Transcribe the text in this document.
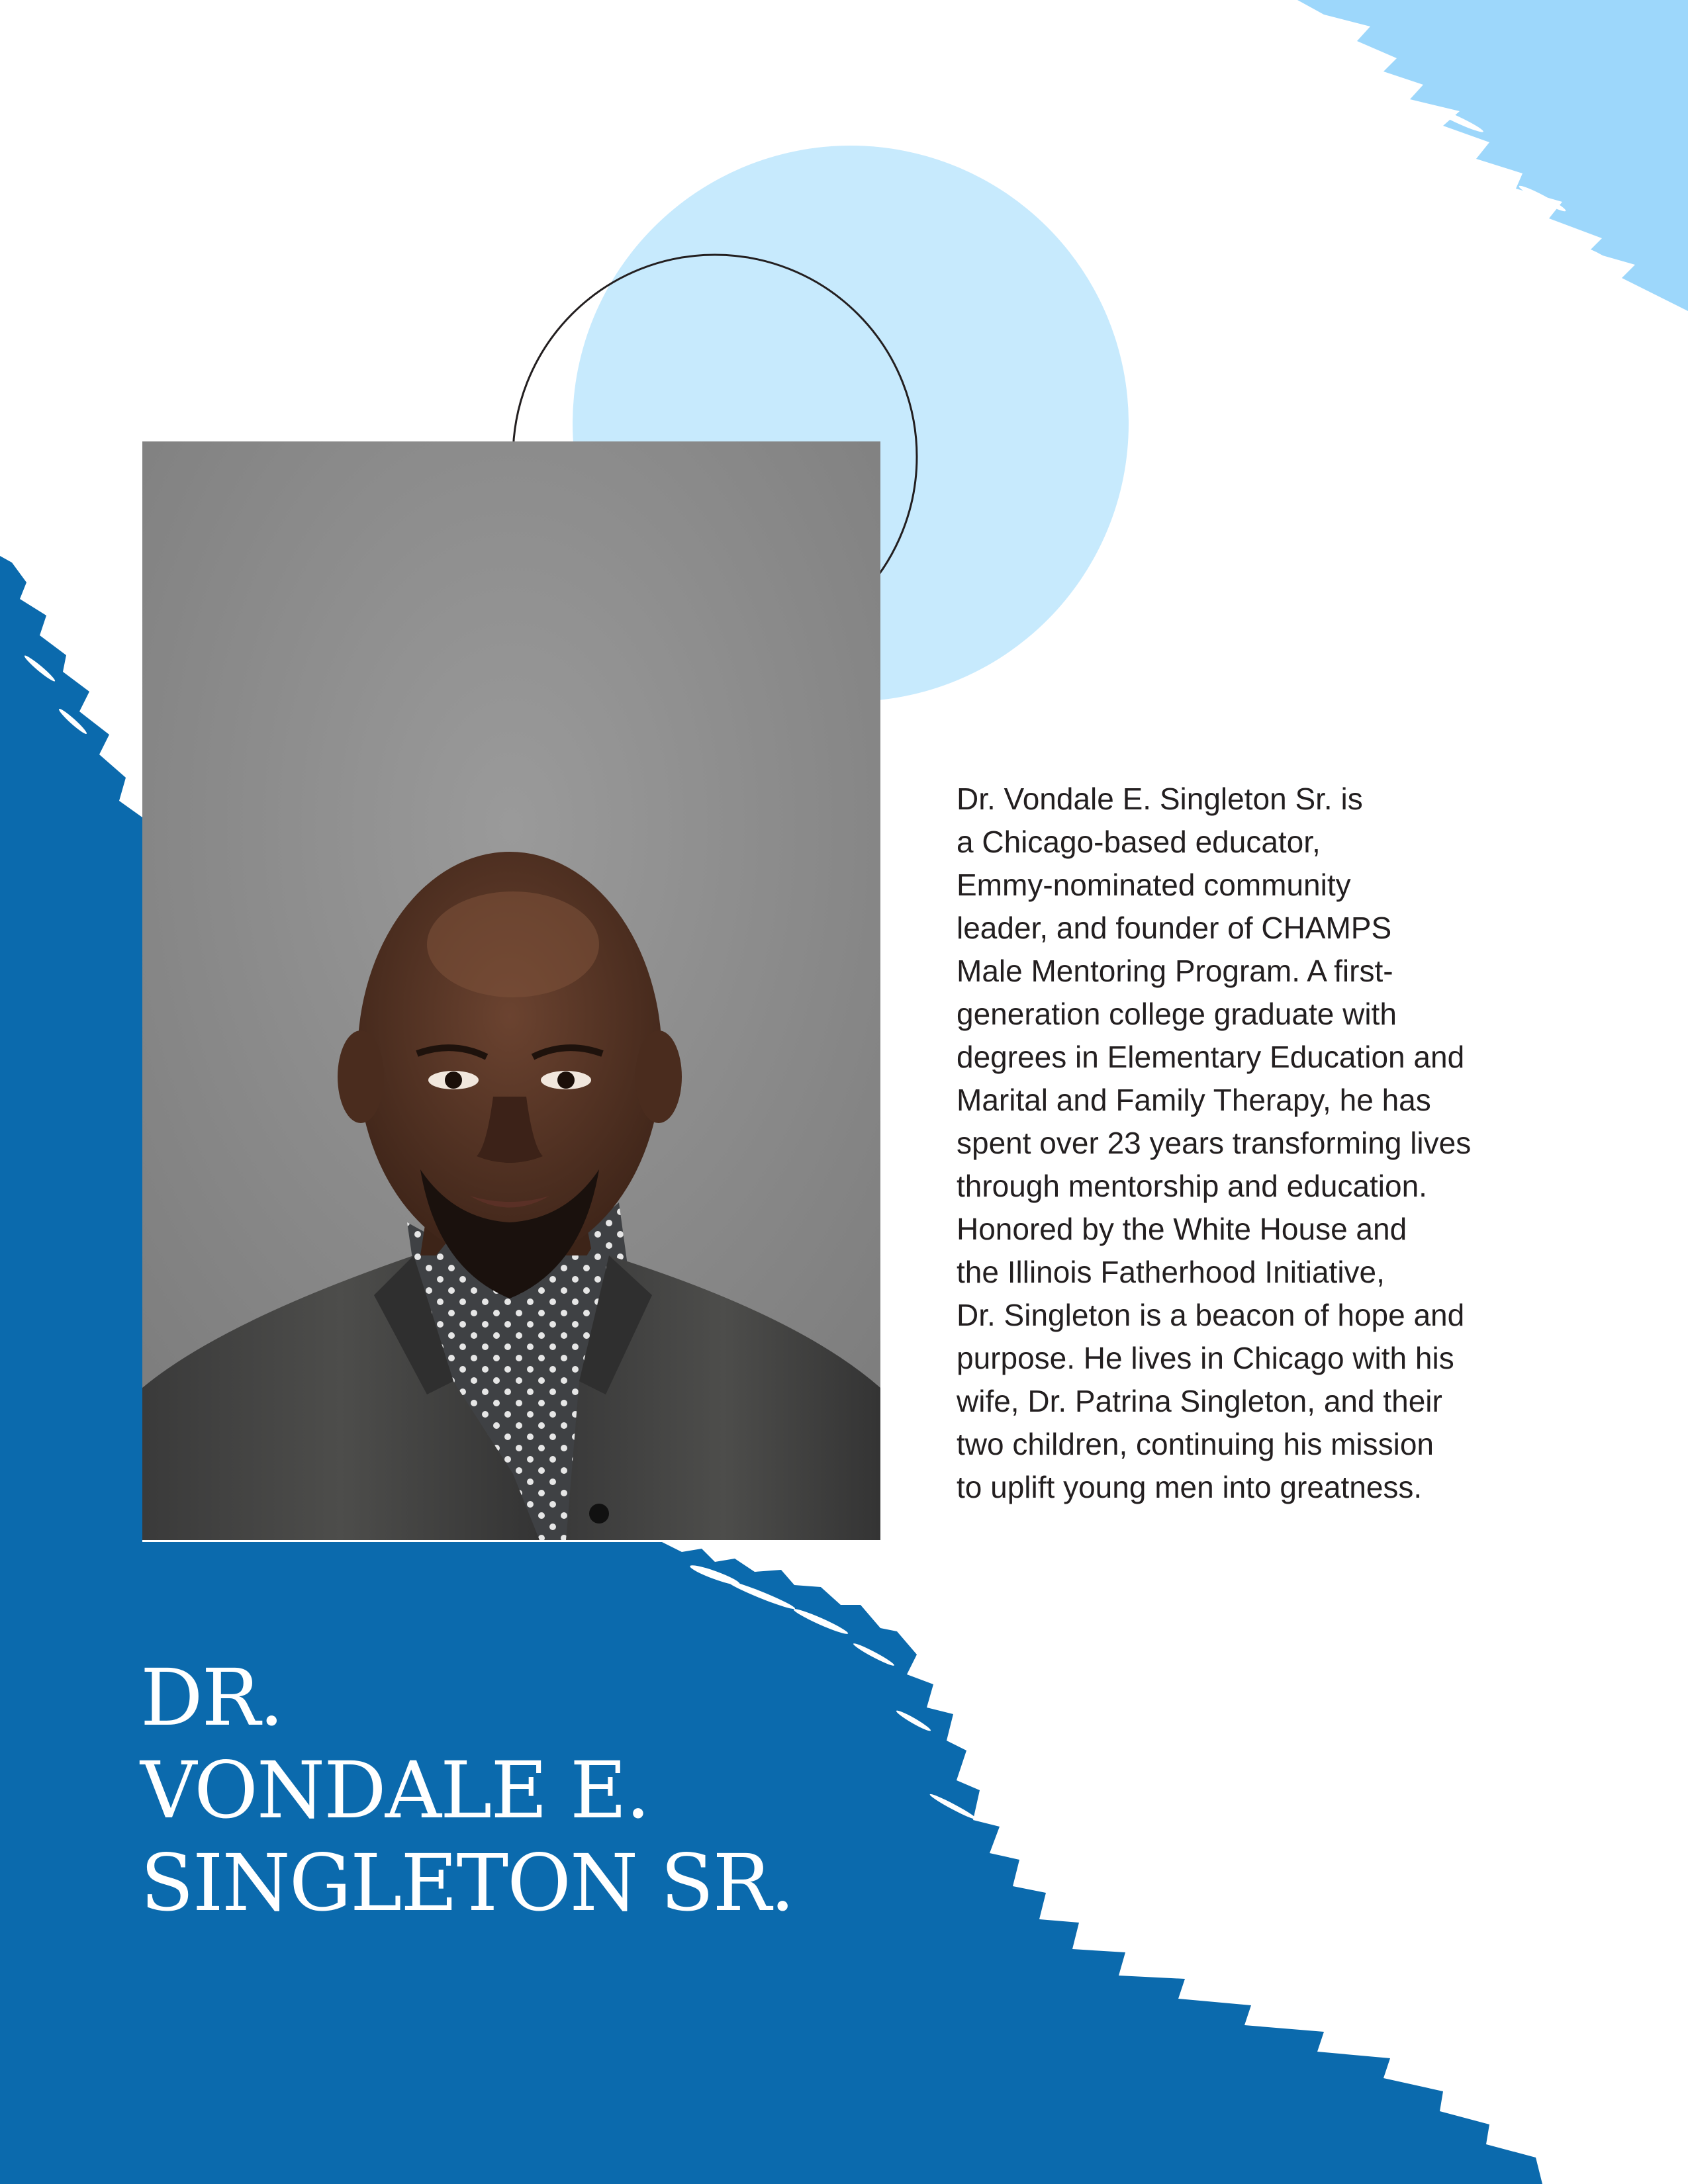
Dr. Vondale E. Singleton Sr. is
a Chicago-based educator,
Emmy-nominated community
leader, and founder of CHAMPS
Male Mentoring Program. A first-
generation college graduate with
degrees in Elementary Education and
Marital and Family Therapy, he has
spent over 23 years transforming lives
through mentorship and education.
Honored by the White House and
the Illinois Fatherhood Initiative,
Dr. Singleton is a beacon of hope and
purpose. He lives in Chicago with his
wife, Dr. Patrina Singleton, and their
two children, continuing his mission
to uplift young men into greatness.

DR.
VONDALE E.
SINGLETON SR.
